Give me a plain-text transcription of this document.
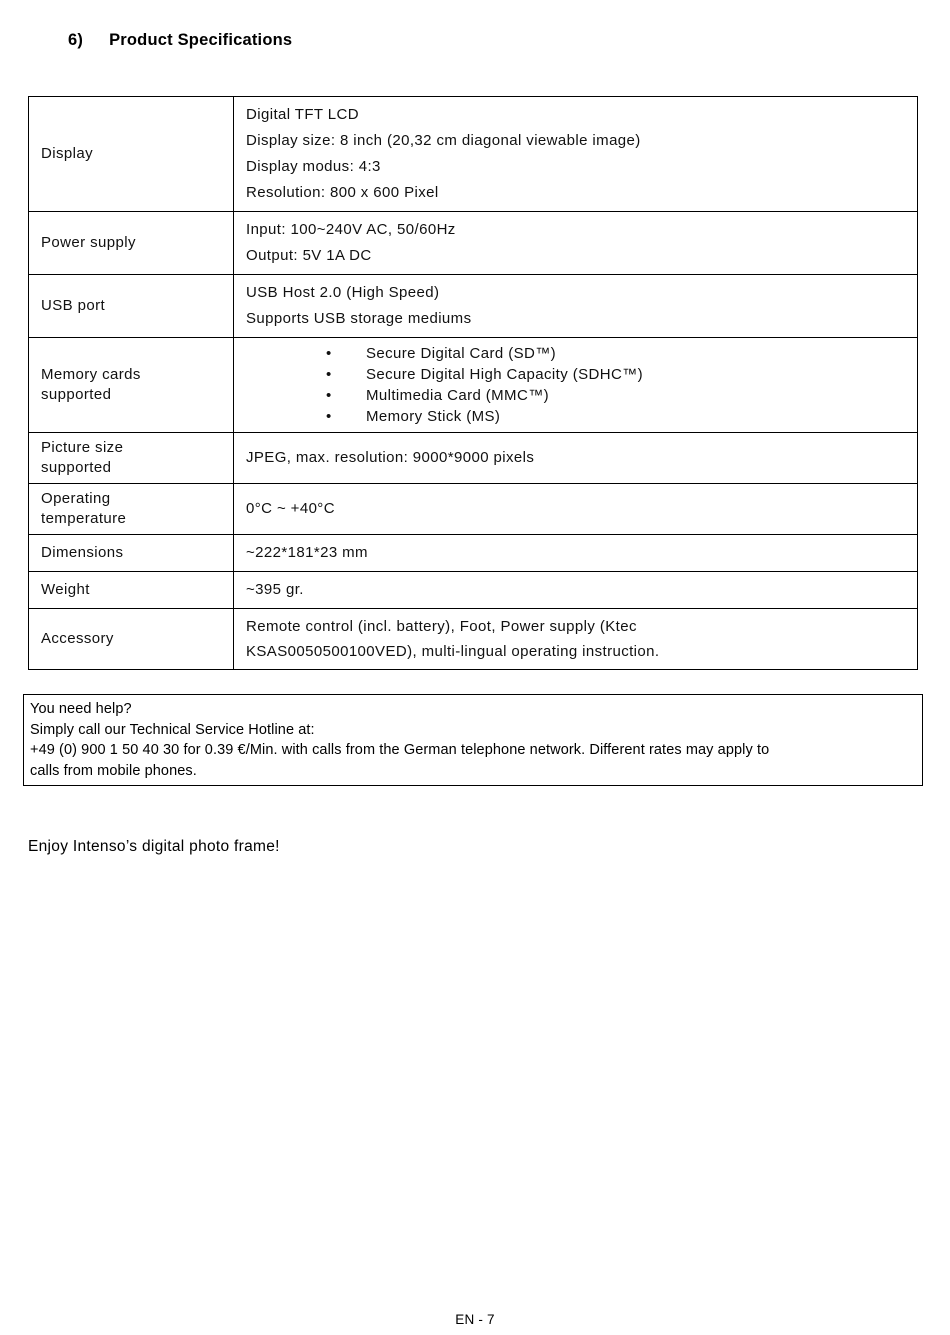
6) Product Specifications
Display	Digital TFT LCD
Display size: 8 inch (20,32 cm diagonal viewable image)
Display modus: 4:3
Resolution: 800 x 600 Pixel

Power supply	Input: 100~240V AC, 50/60Hz
Output: 5V 1A DC

USB port	USB Host 2.0 (High Speed)
Supports USB storage mediums

Memory cards supported

•	Secure Digital Card (SD™)
•	Secure Digital High Capacity (SDHC™)
•	Multimedia Card (MMC™)
•	Memory Stick (MS)

Picture size supported	JPEG, max. resolution: 9000*9000 pixels

Operating temperature	0°C ~ +40°C

Dimensions	~222*181*23 mm

Weight	~395 gr.

Accessory	Remote control (incl. battery), Foot, Power supply (Ktec
KSAS0050500100VED), multi-lingual operating instruction.
You need help?
Simply call our Technical Service Hotline at:
+49 (0) 900 1 50 40 30 for 0.39 €/Min. with calls from the German telephone network. Different rates may apply to
calls from mobile phones.
Enjoy Intenso’s digital photo frame!
EN - 7
